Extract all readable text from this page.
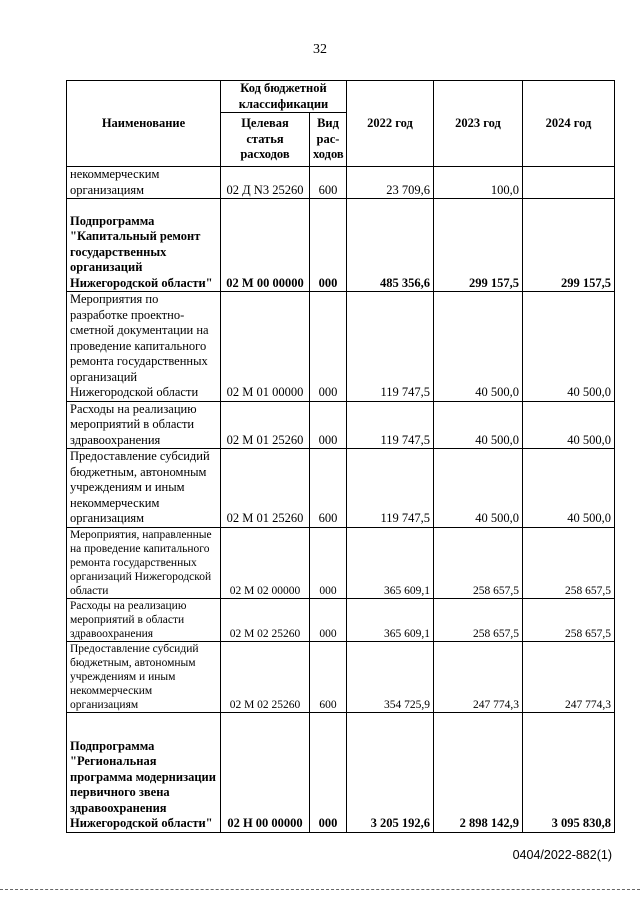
32
Наименование	Код бюджетной классификации		2022 год	2023 год	2024 год
	Целевая статья расходов	Вид рас-ходов			
некоммерческим организациям	02 Д N3 25260	600	23 709,6	100,0	
Подпрограмма "Капитальный ремонт государственных организаций Нижегородской области"	02 М 00 00000	000	485 356,6	299 157,5	299 157,5
Мероприятия по разработке проектно-сметной документации на проведение капитального ремонта государственных организаций Нижегородской области	02 М 01 00000	000	119 747,5	40 500,0	40 500,0
Расходы на реализацию мероприятий в области здравоохранения	02 М 01 25260	000	119 747,5	40 500,0	40 500,0
Предоставление субсидий бюджетным, автономным учреждениям и иным некоммерческим организациям	02 М 01 25260	600	119 747,5	40 500,0	40 500,0
Мероприятия, направленные на проведение капитального ремонта государственных организаций Нижегородской области	02 М 02 00000	000	365 609,1	258 657,5	258 657,5
Расходы на реализацию мероприятий в области здравоохранения	02 М 02 25260	000	365 609,1	258 657,5	258 657,5
Предоставление субсидий бюджетным, автономным учреждениям и иным некоммерческим организациям	02 М 02 25260	600	354 725,9	247 774,3	247 774,3
Подпрограмма "Региональная программа модернизации первичного звена здравоохранения Нижегородской области"	02 Н 00 00000	000	3 205 192,6	2 898 142,9	3 095 830,8
0404/2022-882(1)
